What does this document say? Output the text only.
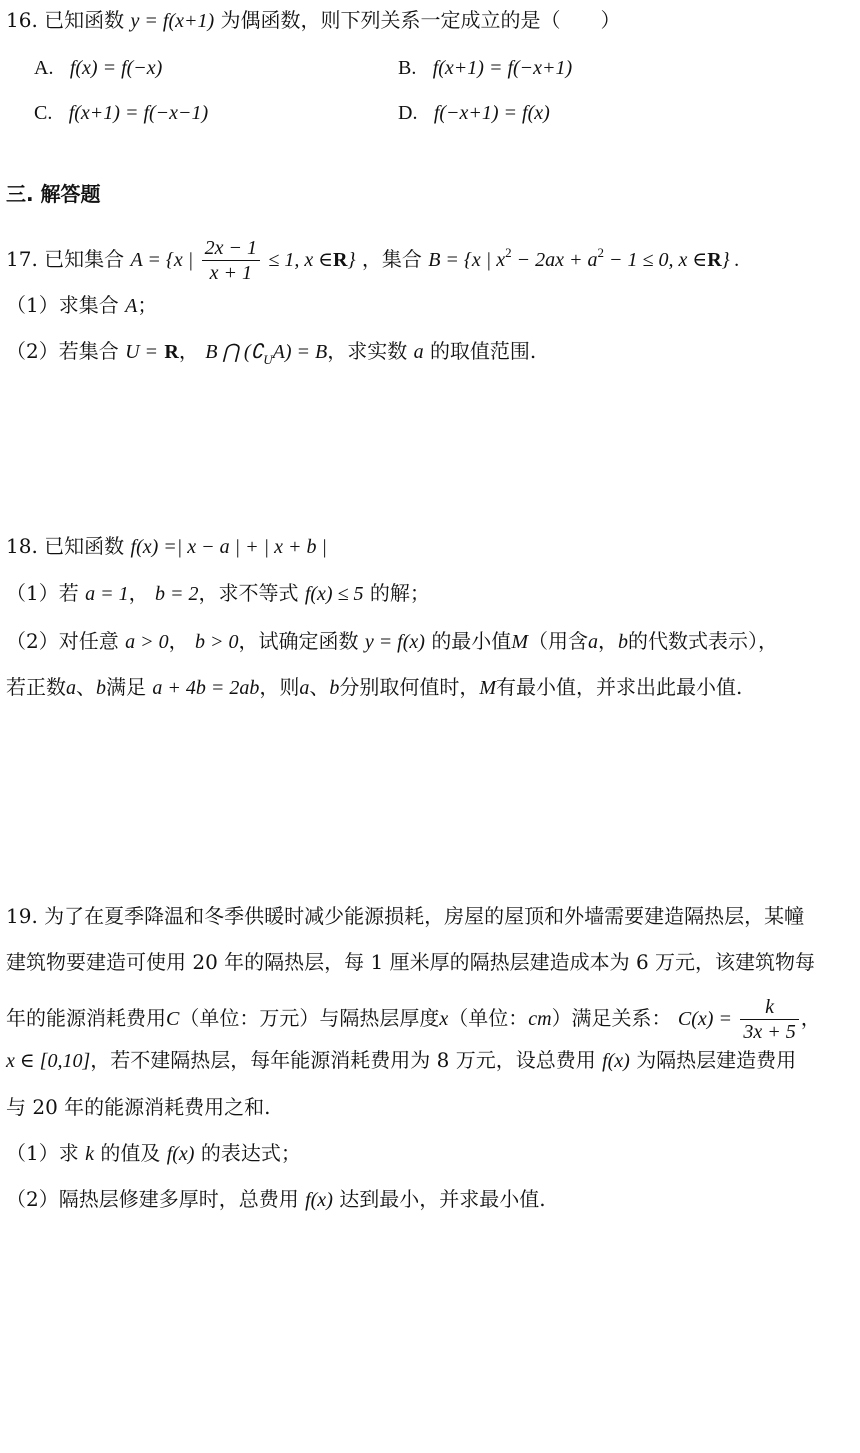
16. 已知函数 y = f(x+1) 为偶函数，则下列关系一定成立的是（　　）
A. f(x) = f(−x)	B. f(x+1) = f(−x+1)
C. f(x+1) = f(−x−1)	D. f(−x+1) = f(x)
三. 解答题
17. 已知集合 A = {x | $\frac{2x - 1}{x + 1} \le 1$, x ∈R} ，集合 B = {x | $x^2 - 2ax + a^2 - 1 \le 0$, x ∈R} .
（1）求集合 A；
（2）若集合 U = R， B ⋂ $(∁_UA) = B$，求实数 a 的取值范围.
18. 已知函数 f(x) =| x − a | + | x + b |
（1）若 a = 1， b = 2，求不等式 f(x) ≤ 5 的解；
（2）对任意 a > 0， b > 0，试确定函数 y = f(x) 的最小值M（用含a，b的代数式表示），
若正数a、b满足 a + 4b = 2ab，则a、b分别取何值时，M有最小值，并求出此最小值.
19. 为了在夏季降温和冬季供暖时减少能源损耗，房屋的屋顶和外墙需要建造隔热层，某幢
建筑物要建造可使用 20 年的隔热层，每 1 厘米厚的隔热层建造成本为 6 万元，该建筑物每
年的能源消耗费用C（单位：万元）与隔热层厚度x（单位：cm）满足关系： $C(x) = \frac{k}{3x + 5}$ ，
x ∈ [0,10]，若不建隔热层，每年能源消耗费用为 8 万元，设总费用 f(x) 为隔热层建造费用
与 20 年的能源消耗费用之和.
（1）求 k 的值及 f(x) 的表达式；
（2）隔热层修建多厚时，总费用 f(x) 达到最小，并求最小值.
